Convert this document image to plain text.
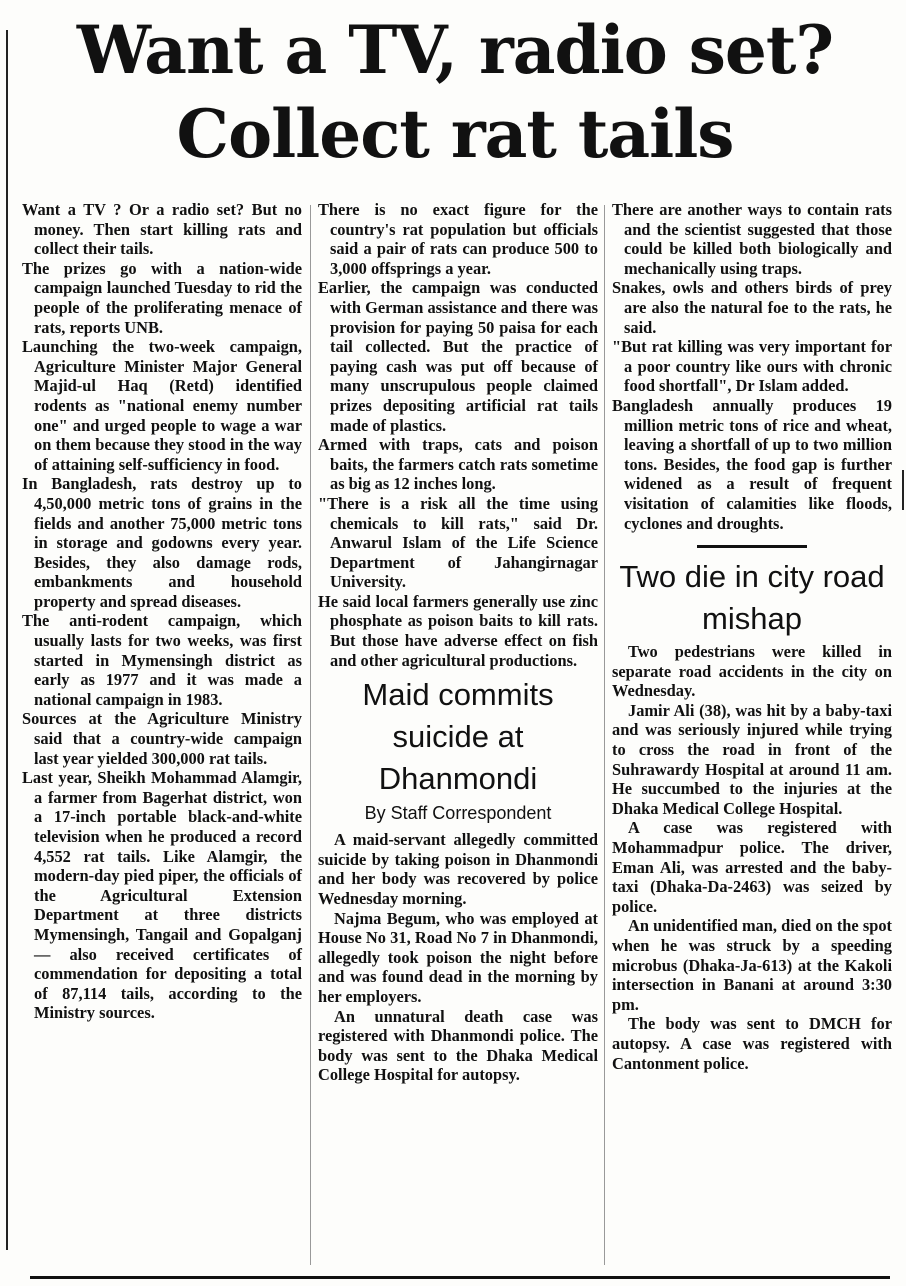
Want a TV, radio set?
Collect rat tails

Want a TV ? Or a radio set? But no money. Then start killing rats and collect their tails.

The prizes go with a nation-wide campaign launched Tuesday to rid the people of the proliferating menace of rats, reports UNB.

Launching the two-week campaign, Agriculture Minister Major General Majid-ul Haq (Retd) identified rodents as "national enemy number one" and urged people to wage a war on them because they stood in the way of attaining self-sufficiency in food.

In Bangladesh, rats destroy up to 4,50,000 metric tons of grains in the fields and another 75,000 metric tons in storage and godowns every year. Besides, they also damage rods, embankments and household property and spread diseases.

The anti-rodent campaign, which usually lasts for two weeks, was first started in Mymensingh district as early as 1977 and it was made a national campaign in 1983.

Sources at the Agriculture Ministry said that a country-wide campaign last year yielded 300,000 rat tails.

Last year, Sheikh Mohammad Alamgir, a farmer from Bagerhat district, won a 17-inch portable black-and-white television when he produced a record 4,552 rat tails. Like Alamgir, the modern-day pied piper, the officials of the Agricultural Extension Department at three districts Mymensingh, Tangail and Gopalganj — also received certificates of commendation for depositing a total of 87,114 tails, according to the Ministry sources.

There is no exact figure for the country's rat population but officials said a pair of rats can produce 500 to 3,000 offsprings a year.

Earlier, the campaign was conducted with German assistance and there was provision for paying 50 paisa for each tail collected. But the practice of paying cash was put off because of many unscrupulous people claimed prizes depositing artificial rat tails made of plastics.

Armed with traps, cats and poison baits, the farmers catch rats sometime as big as 12 inches long.

"There is a risk all the time using chemicals to kill rats," said Dr. Anwarul Islam of the Life Science Department of Jahangirnagar University.

He said local farmers generally use zinc phosphate as poison baits to kill rats. But those have adverse effect on fish and other agricultural productions.

Maid commits suicide at Dhanmondi
By Staff Correspondent

A maid-servant allegedly committed suicide by taking poison in Dhanmondi and her body was recovered by police Wednesday morning.

Najma Begum, who was employed at House No 31, Road No 7 in Dhanmondi, allegedly took poison the night before and was found dead in the morning by her employers.

An unnatural death case was registered with Dhanmondi police. The body was sent to the Dhaka Medical College Hospital for autopsy.

There are another ways to contain rats and the scientist suggested that those could be killed both biologically and mechanically using traps.

Snakes, owls and others birds of prey are also the natural foe to the rats, he said.

"But rat killing was very important for a poor country like ours with chronic food shortfall", Dr Islam added.

Bangladesh annually produces 19 million metric tons of rice and wheat, leaving a shortfall of up to two million tons. Besides, the food gap is further widened as a result of frequent visitation of calamities like floods, cyclones and droughts.

Two die in city road mishap

Two pedestrians were killed in separate road accidents in the city on Wednesday.

Jamir Ali (38), was hit by a baby-taxi and was seriously injured while trying to cross the road in front of the Suhrawardy Hospital at around 11 am. He succumbed to the injuries at the Dhaka Medical College Hospital.

A case was registered with Mohammadpur police. The driver, Eman Ali, was arrested and the baby-taxi (Dhaka-Da-2463) was seized by police.

An unidentified man, died on the spot when he was struck by a speeding microbus (Dhaka-Ja-613) at the Kakoli intersection in Banani at around 3:30 pm.

The body was sent to DMCH for autopsy. A case was registered with Cantonment police.
